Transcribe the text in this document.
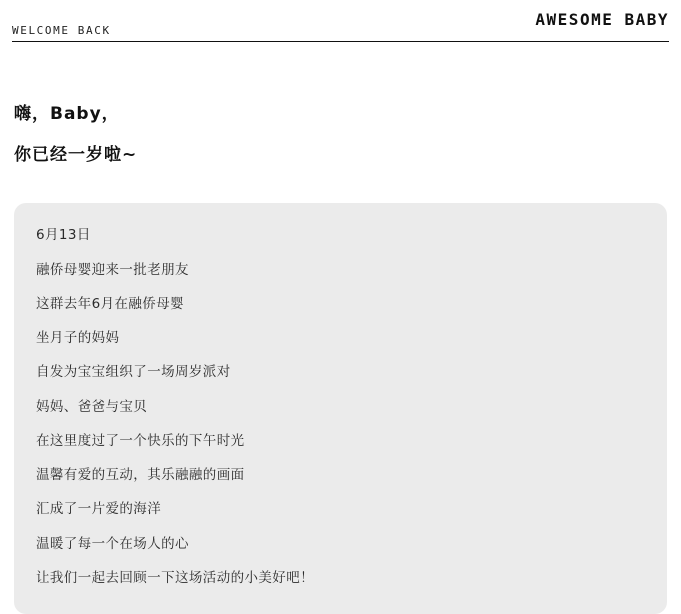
AWESOME BABY
WELCOME BACK
嗨，Baby，
你已经一岁啦~
6月13日
融侨母婴迎来一批老朋友
这群去年6月在融侨母婴
坐月子的妈妈
自发为宝宝组织了一场周岁派对
妈妈、爸爸与宝贝
在这里度过了一个快乐的下午时光
温馨有爱的互动，其乐融融的画面
汇成了一片爱的海洋
温暖了每一个在场人的心
让我们一起去回顾一下这场活动的小美好吧！
